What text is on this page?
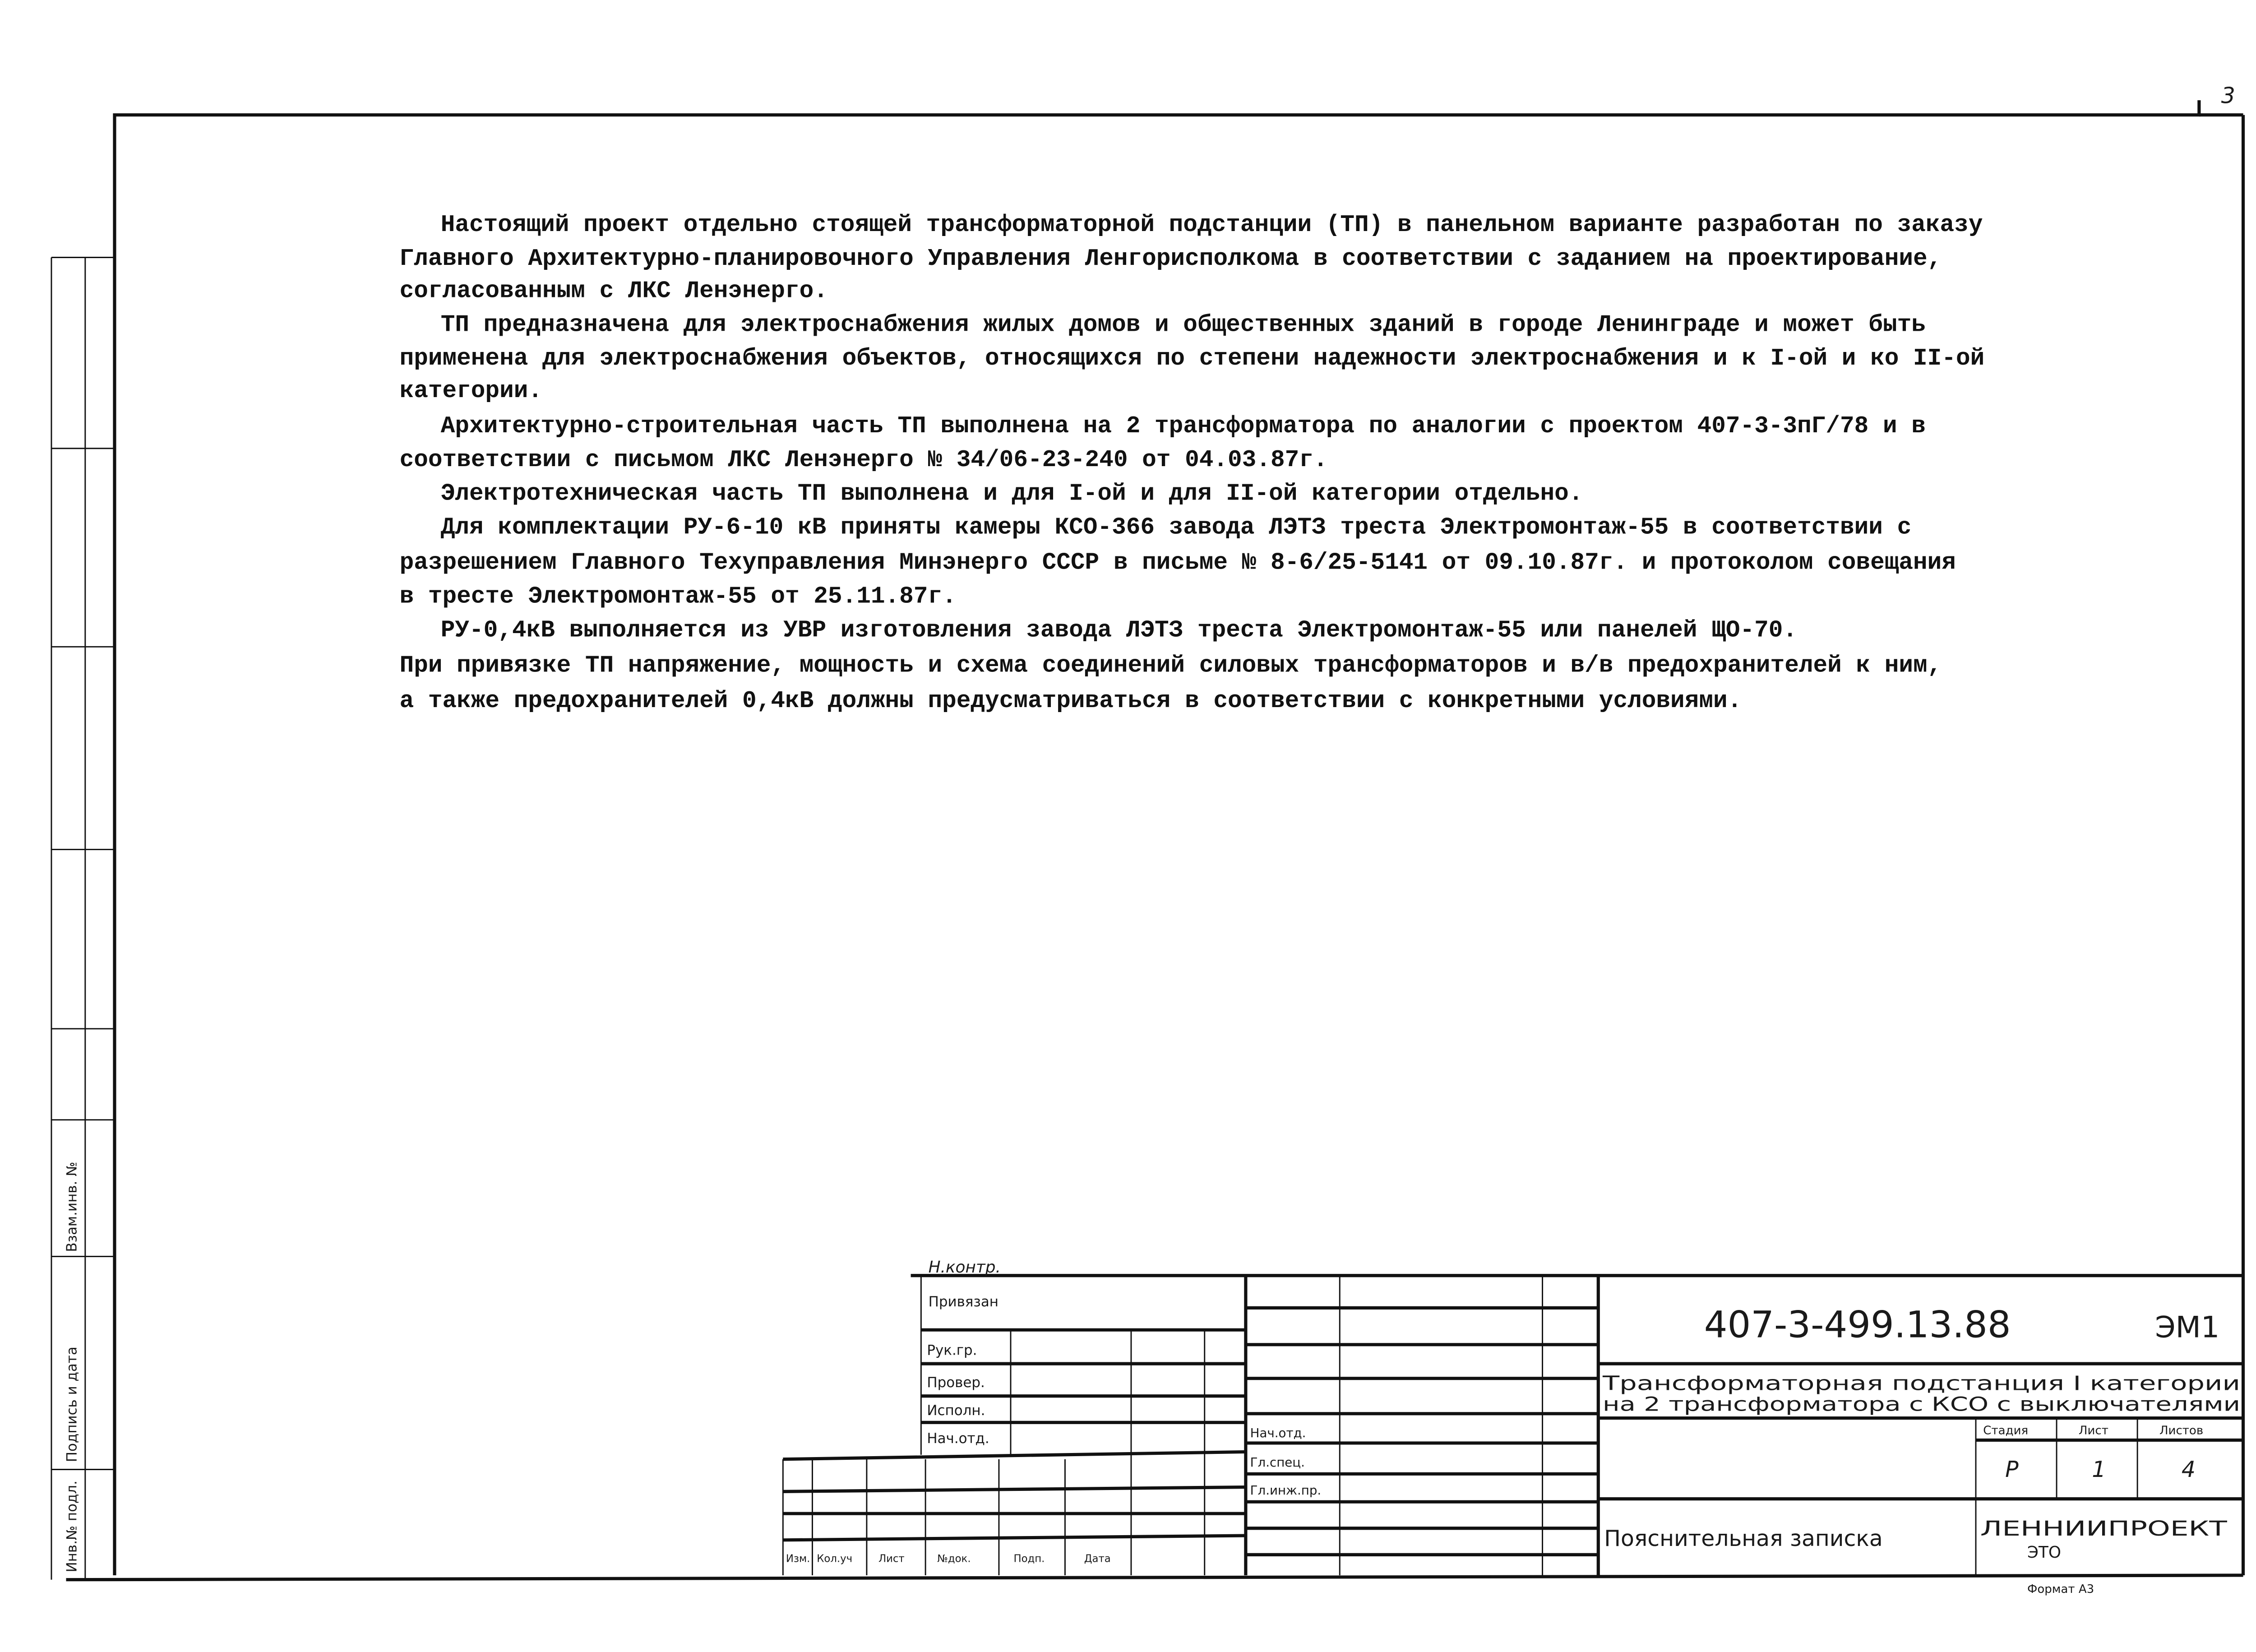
3
Взам.инв. №
Подпись и дата
Инв.№ подл.
Настоящий проект отдельно стоящей трансформаторной подстанции (ТП) в панельном варианте разработан по заказу
Главного Архитектурно-планировочного Управления Ленгорисполкома в соответствии с заданием на проектирование,
согласованным с ЛКС Ленэнерго.
ТП предназначена для электроснабжения жилых домов и общественных зданий в городе Ленинграде и может быть
применена для электроснабжения объектов, относящихся по степени надежности электроснабжения и к I-ой и ко II-ой
категории.
Архитектурно-строительная часть ТП выполнена на 2 трансформатора по аналогии с проектом 407-3-3пГ/78 и в
соответствии с письмом ЛКС Ленэнерго № 34/06-23-240 от 04.03.87г.
Электротехническая часть ТП выполнена и для I-ой и для II-ой категории отдельно.
Для комплектации РУ-6-10 кВ приняты камеры КСО-366 завода ЛЭТЗ треста Электромонтаж-55 в соответствии с
разрешением Главного Техуправления Минэнерго СССР в письме № 8-6/25-5141 от 09.10.87г. и протоколом совещания
в тресте Электромонтаж-55 от 25.11.87г.
РУ-0,4кВ выполняется из УВР изготовления завода ЛЭТЗ треста Электромонтаж-55 или панелей ЩО-70.
При привязке ТП напряжение, мощность и схема соединений силовых трансформаторов и в/в предохранителей к ним,
а также предохранителей 0,4кВ должны предусматриваться в соответствии с конкретными условиями.
Н.контр.
Привязан
Рук.гр.
Провер.
Исполн.
Нач.отд.	Нач.отд.
Гл.спец.
Гл.инж.пр.
Изм. Кол.уч	Лист	№док.	Подп.	Дата
407-3-499.13.88	ЭМ1
Трансформаторная подстанция I категории
на 2 трансформатора с КСО с выключателями
Стадия	Лист	Листов
Р	1	4
Пояснительная записка	ЛЕННИИПРОЕКТ
ЭТО
Формат А3
